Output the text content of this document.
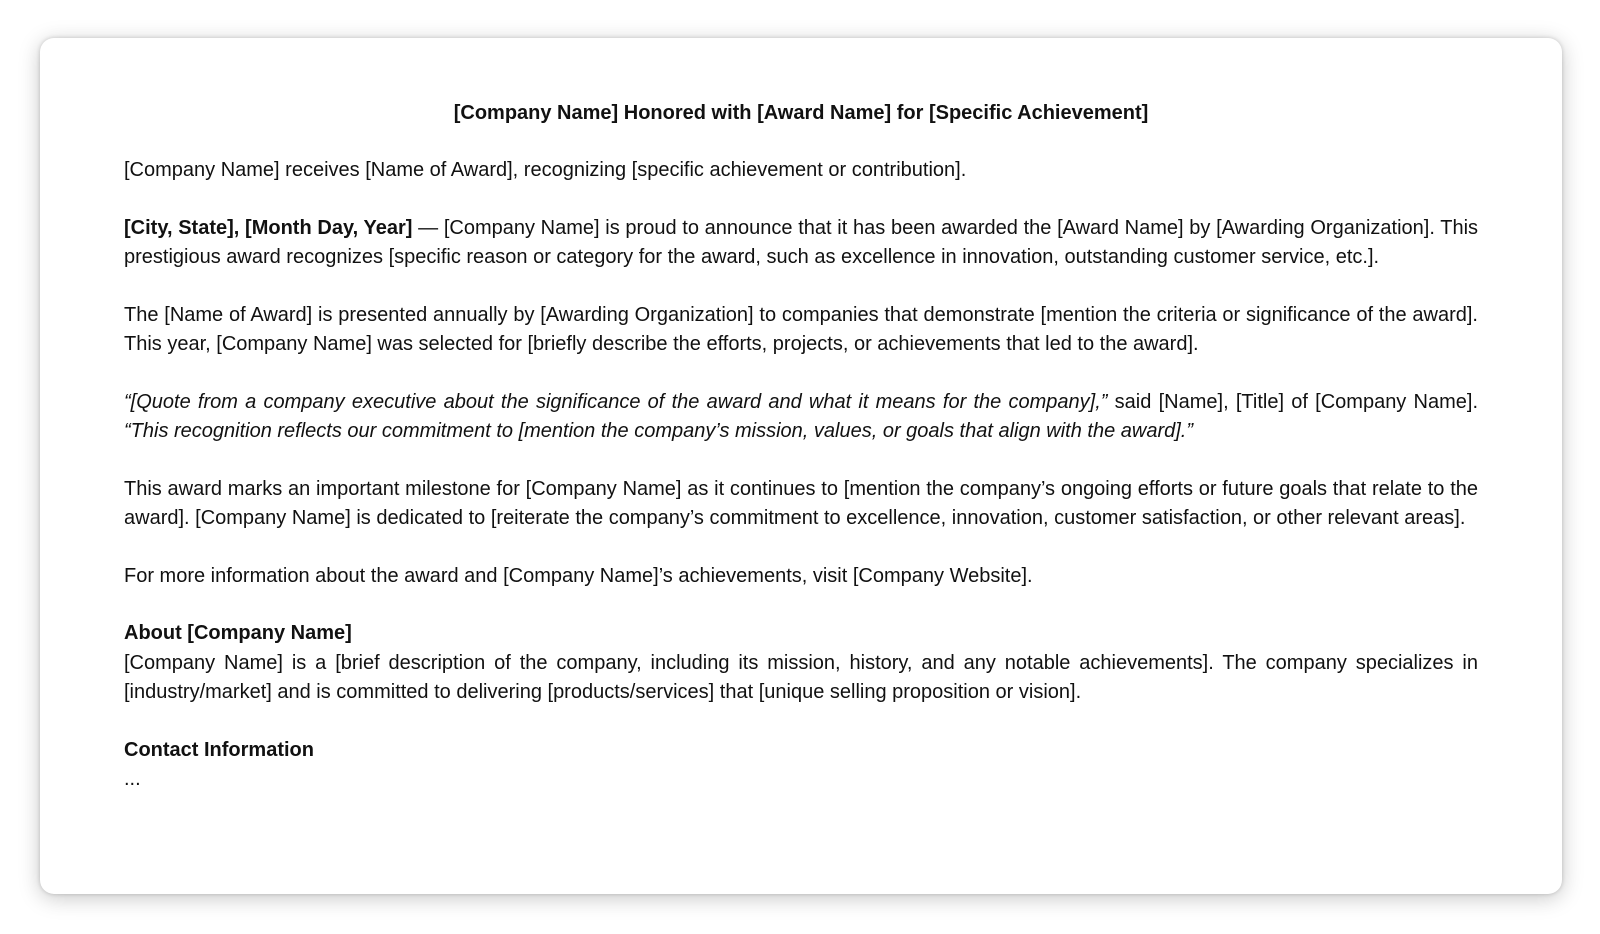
[Company Name] Honored with [Award Name] for [Specific Achievement]

[Company Name] receives [Name of Award], recognizing [specific achievement or contribution].

[City, State], [Month Day, Year] — [Company Name] is proud to announce that it has been awarded the [Award Name] by [Awarding Organization]. This prestigious award recognizes [specific reason or category for the award, such as excellence in innovation, outstanding customer service, etc.].

The [Name of Award] is presented annually by [Awarding Organization] to companies that demonstrate [mention the criteria or significance of the award]. This year, [Company Name] was selected for [briefly describe the efforts, projects, or achievements that led to the award].

“[Quote from a company executive about the significance of the award and what it means for the company],” said [Name], [Title] of [Company Name]. “This recognition reflects our commitment to [mention the company’s mission, values, or goals that align with the award].”

This award marks an important milestone for [Company Name] as it continues to [mention the company’s ongoing efforts or future goals that relate to the award]. [Company Name] is dedicated to [reiterate the company’s commitment to excellence, innovation, customer satisfaction, or other relevant areas].

For more information about the award and [Company Name]’s achievements, visit [Company Website].

About [Company Name]

[Company Name] is a [brief description of the company, including its mission, history, and any notable achievements]. The company specializes in [industry/market] and is committed to delivering [products/services] that [unique selling proposition or vision].

Contact Information
...
